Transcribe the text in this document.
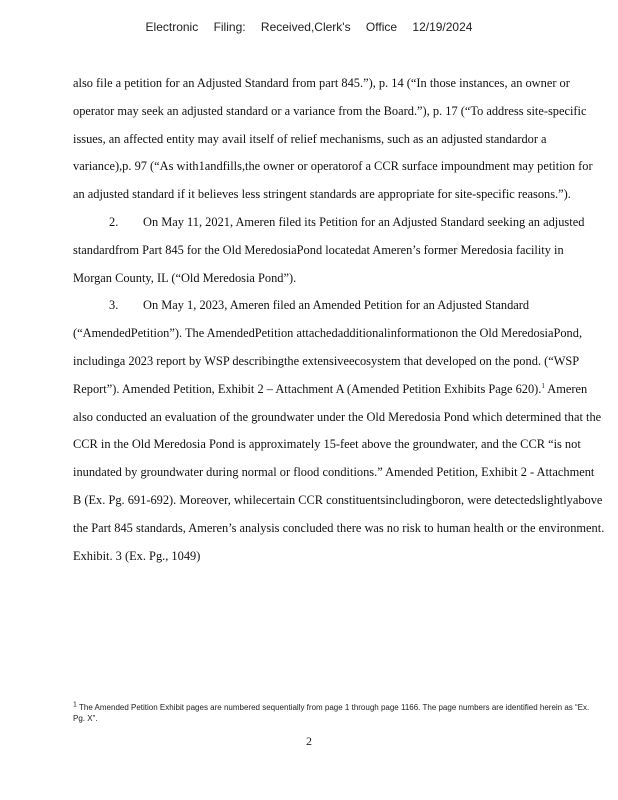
Electronic Filing: Received,Clerk's Office 12/19/2024

also file a petition for an Adjusted Standard from part 845.”), p. 14 (“In those instances, an owner or operator may seek an adjusted standard or a variance from the Board.”), p. 17 (“To address site-specific issues, an affected entity may avail itself of relief mechanisms, such as an adjusted standardor a variance),p. 97 (“As with1andfills,the owner or operatorof a CCR surface impoundment may petition for an adjusted standard if it believes less stringent standards are appropriate for site-specific reasons.”).

2. On May 11, 2021, Ameren filed its Petition for an Adjusted Standard seeking an adjusted standardfrom Part 845 for the Old MeredosiaPond locatedat Ameren’s former Meredosia facility in Morgan County, IL (“Old Meredosia Pond”).

3. On May 1, 2023, Ameren filed an Amended Petition for an Adjusted Standard (“AmendedPetition”). The AmendedPetition attachedadditionalinformationon the Old MeredosiaPond, includinga 2023 report by WSP describingthe extensiveecosystem that developed on the pond. (“WSP Report”). Amended Petition, Exhibit 2 – Attachment A (Amended Petition Exhibits Page 620).$^1$ Ameren also conducted an evaluation of the groundwater under the Old Meredosia Pond which determined that the CCR in the Old Meredosia Pond is approximately 15-feet above the groundwater, and the CCR “is not inundated by groundwater during normal or flood conditions.” Amended Petition, Exhibit 2 - Attachment B (Ex. Pg. 691-692). Moreover, whilecertain CCR constituentsincludingboron, were detectedslightlyabove the Part 845 standards, Ameren’s analysis concluded there was no risk to human health or the environment. Exhibit. 3 (Ex. Pg., 1049)

$^1$ The Amended Petition Exhibit pages are numbered sequentially from page 1 through page 1166. The page numbers are identified herein as “Ex. Pg. X”.
2
